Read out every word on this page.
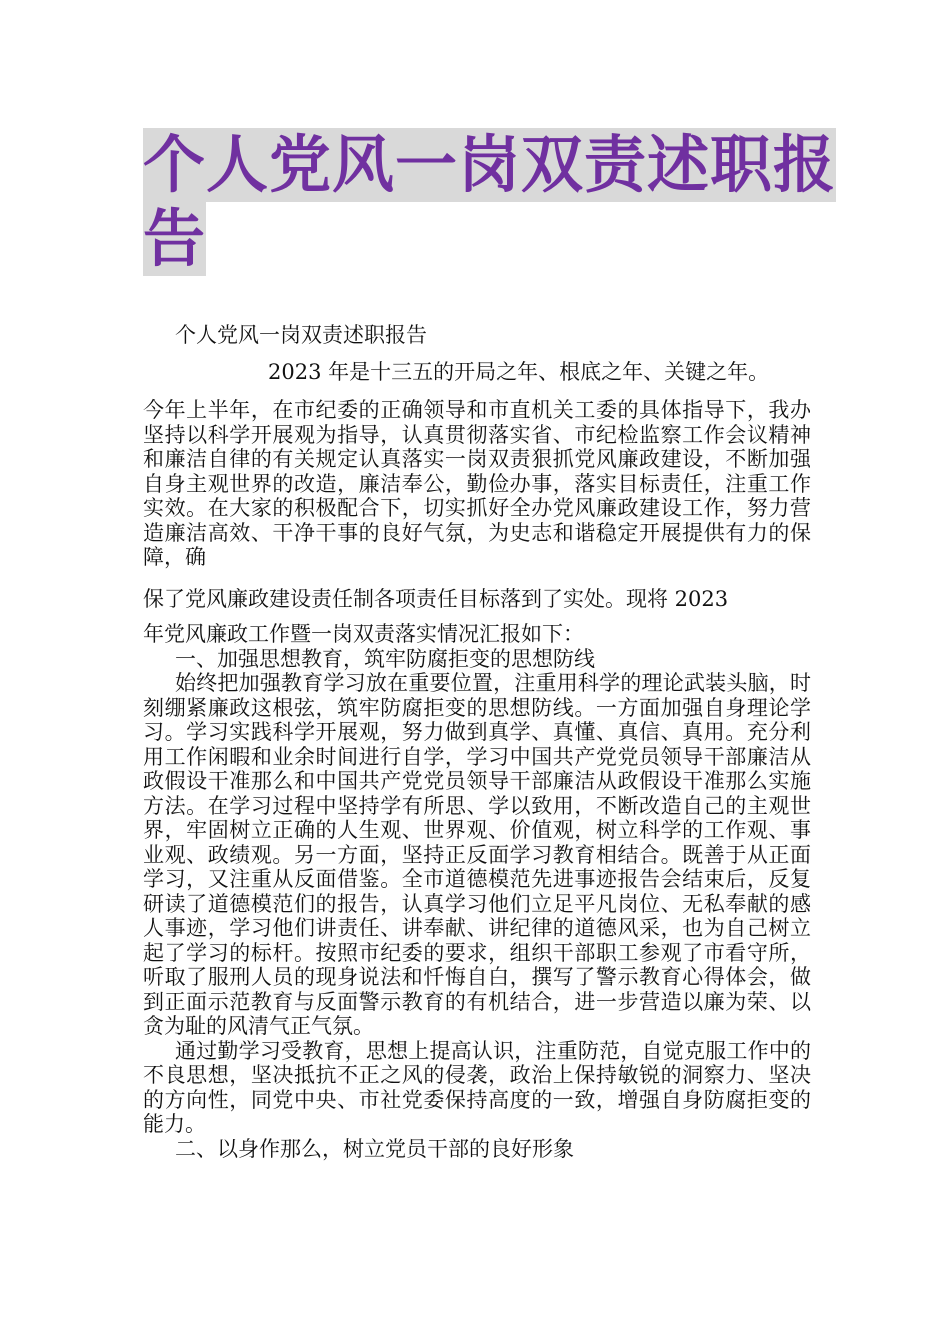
个人党风一岗双责述职报
告
个人党风一岗双责述职报告
2023 年是十三五的开局之年、根底之年、关键之年。

今年上半年，在市纪委的正确领导和市直机关工委的具体指导下，我办坚持以科学开展观为指导，认真贯彻落实省、市纪检监察工作会议精神和廉洁自律的有关规定认真落实一岗双责狠抓党风廉政建设，不断加强自身主观世界的改造，廉洁奉公，勤俭办事，落实目标责任，注重工作实效。在大家的积极配合下，切实抓好全办党风廉政建设工作，努力营造廉洁高效、干净干事的良好气氛，为史志和谐稳定开展提供有力的保障，确

保了党风廉政建设责任制各项责任目标落到了实处。现将 2023

年党风廉政工作暨一岗双责落实情况汇报如下：

一、加强思想教育，筑牢防腐拒变的思想防线

始终把加强教育学习放在重要位置，注重用科学的理论武装头脑，时刻绷紧廉政这根弦，筑牢防腐拒变的思想防线。一方面加强自身理论学习。学习实践科学开展观，努力做到真学、真懂、真信、真用。充分利用工作闲暇和业余时间进行自学，学习中国共产党党员领导干部廉洁从政假设干准那么和中国共产党党员领导干部廉洁从政假设干准那么实施方法。在学习过程中坚持学有所思、学以致用，不断改造自己的主观世界，牢固树立正确的人生观、世界观、价值观，树立科学的工作观、事业观、政绩观。另一方面，坚持正反面学习教育相结合。既善于从正面学习，又注重从反面借鉴。全市道德模范先进事迹报告会结束后，反复研读了道德模范们的报告，认真学习他们立足平凡岗位、无私奉献的感人事迹，学习他们讲责任、讲奉献、讲纪律的道德风采，也为自己树立起了学习的标杆。按照市纪委的要求，组织干部职工参观了市看守所，听取了服刑人员的现身说法和忏悔自白，撰写了警示教育心得体会，做到正面示范教育与反面警示教育的有机结合，进一步营造以廉为荣、以贪为耻的风清气正气氛。

通过勤学习受教育，思想上提高认识，注重防范，自觉克服工作中的不良思想，坚决抵抗不正之风的侵袭，政治上保持敏锐的洞察力、坚决的方向性，同党中央、市社党委保持高度的一致，增强自身防腐拒变的能力。

二、以身作那么，树立党员干部的良好形象
